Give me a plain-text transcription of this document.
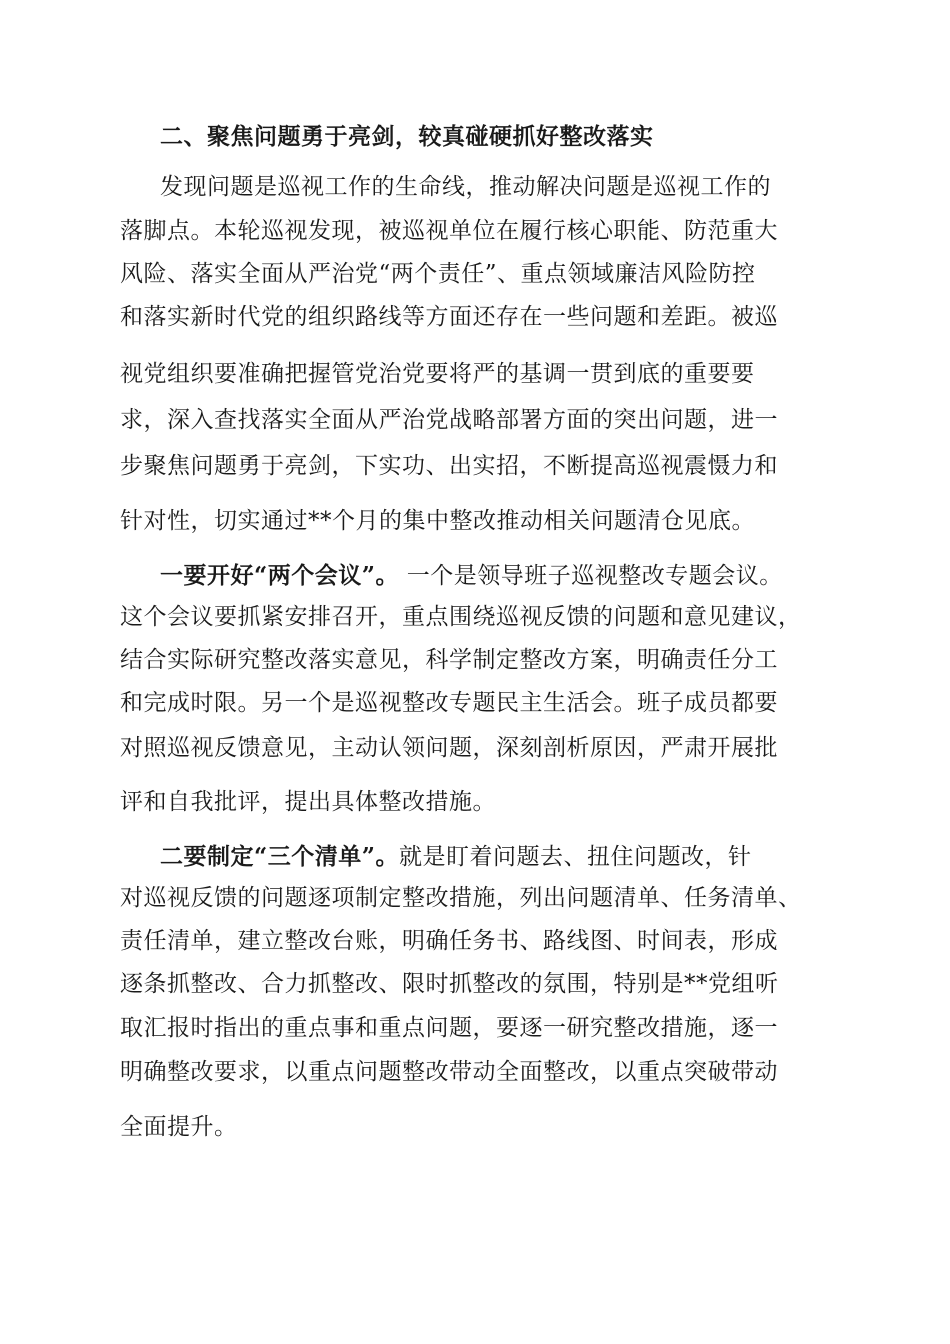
二、聚焦问题勇于亮剑，较真碰硬抓好整改落实
发现问题是巡视工作的生命线，推动解决问题是巡视工作的
落脚点。本轮巡视发现，被巡视单位在履行核心职能、防范重大
风险、落实全面从严治党“两个责任”、重点领域廉洁风险防控
和落实新时代党的组织路线等方面还存在一些问题和差距。被巡
视党组织要准确把握管党治党要将严的基调一贯到底的重要要
求，深入查找落实全面从严治党战略部署方面的突出问题，进一
步聚焦问题勇于亮剑，下实功、出实招，不断提高巡视震慑力和
针对性，切实通过**个月的集中整改推动相关问题清仓见底。
一要开好“两个会议”。 一个是领导班子巡视整改专题会议。
这个会议要抓紧安排召开，重点围绕巡视反馈的问题和意见建议，
结合实际研究整改落实意见，科学制定整改方案，明确责任分工
和完成时限。另一个是巡视整改专题民主生活会。班子成员都要
对照巡视反馈意见，主动认领问题，深刻剖析原因，严肃开展批
评和自我批评，提出具体整改措施。
二要制定“三个清单”。就是盯着问题去、扭住问题改，针
对巡视反馈的问题逐项制定整改措施，列出问题清单、任务清单、
责任清单，建立整改台账，明确任务书、路线图、时间表，形成
逐条抓整改、合力抓整改、限时抓整改的氛围，特别是**党组听
取汇报时指出的重点事和重点问题，要逐一研究整改措施，逐一
明确整改要求，以重点问题整改带动全面整改，以重点突破带动
全面提升。
